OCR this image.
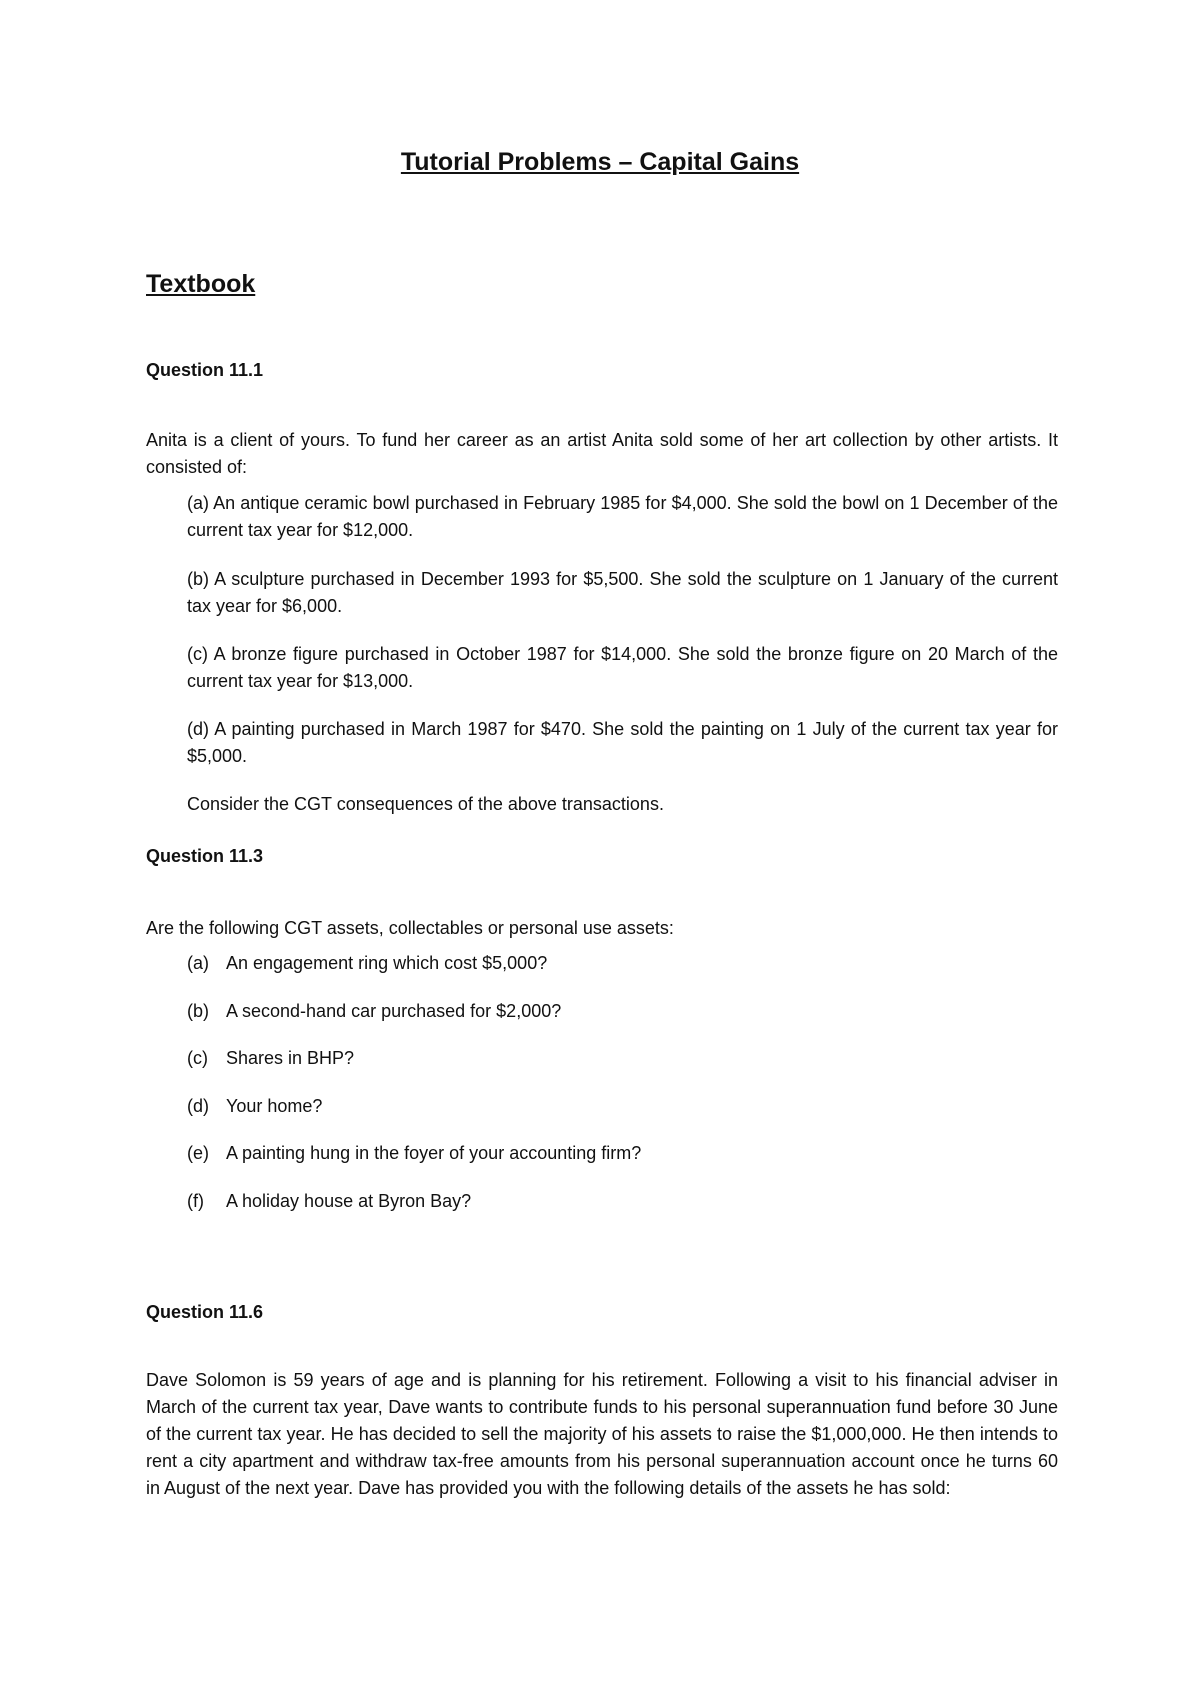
Tutorial Problems – Capital Gains
Textbook
Question 11.1

Anita is a client of yours. To fund her career as an artist Anita sold some of her art collection by other artists. It consisted of:

(a) An antique ceramic bowl purchased in February 1985 for $4,000. She sold the bowl on 1 December of the current tax year for $12,000.

(b) A sculpture purchased in December 1993 for $5,500. She sold the sculpture on 1 January of the current tax year for $6,000.

(c) A bronze figure purchased in October 1987 for $14,000. She sold the bronze figure on 20 March of the current tax year for $13,000.

(d) A painting purchased in March 1987 for $470. She sold the painting on 1 July of the current tax year for $5,000.

Consider the CGT consequences of the above transactions.

Question 11.3

Are the following CGT assets, collectables or personal use assets:

(a) An engagement ring which cost $5,000?

(b) A second-hand car purchased for $2,000?

(c) Shares in BHP?

(d) Your home?

(e) A painting hung in the foyer of your accounting firm?

(f) A holiday house at Byron Bay?

Question 11.6

Dave Solomon is 59 years of age and is planning for his retirement. Following a visit to his financial adviser in March of the current tax year, Dave wants to contribute funds to his personal superannuation fund before 30 June of the current tax year. He has decided to sell the majority of his assets to raise the $1,000,000. He then intends to rent a city apartment and withdraw tax-free amounts from his personal superannuation account once he turns 60 in August of the next year. Dave has provided you with the following details of the assets he has sold:
